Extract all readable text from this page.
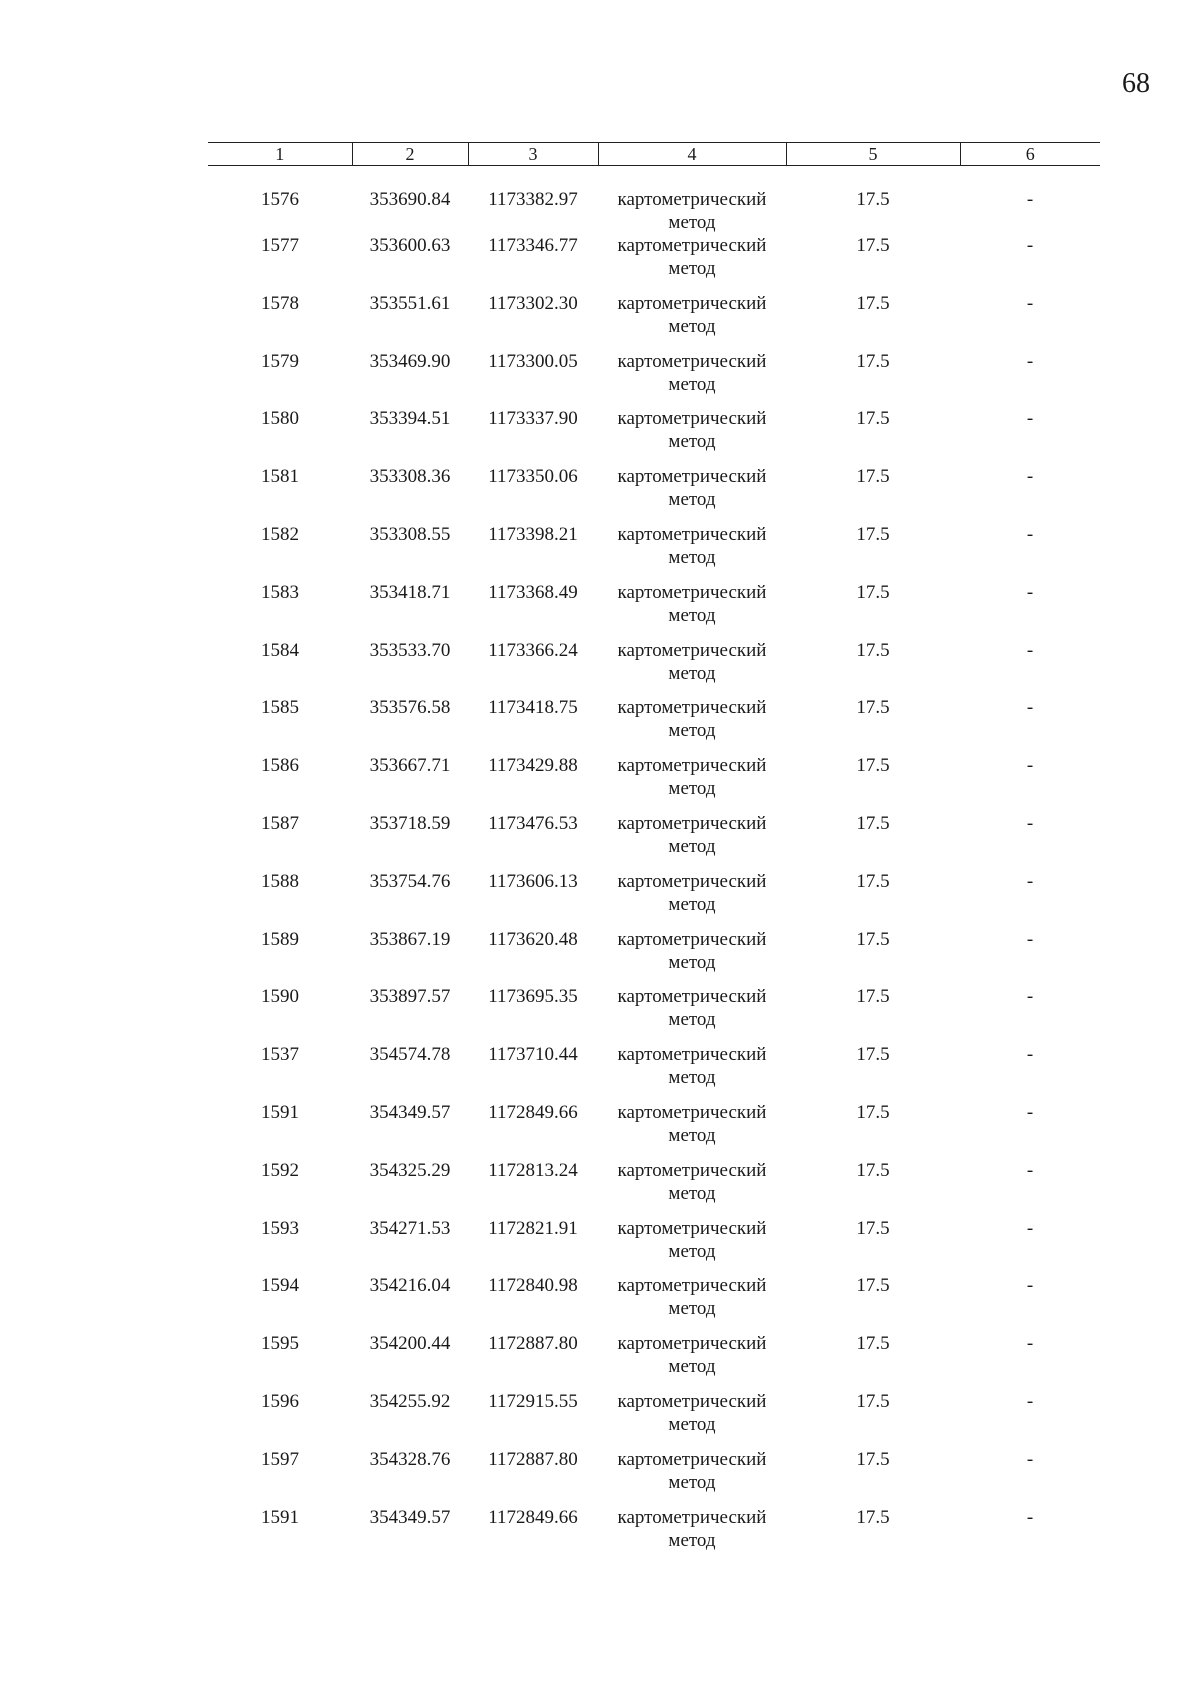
68
1	2	3	4	5	6
1576	353690.84	1173382.97	картометрический
метод	17.5	-
1577	353600.63	1173346.77	картометрический
метод	17.5	-
1578	353551.61	1173302.30	картометрический
метод	17.5	-
1579	353469.90	1173300.05	картометрический
метод	17.5	-
1580	353394.51	1173337.90	картометрический
метод	17.5	-
1581	353308.36	1173350.06	картометрический
метод	17.5	-
1582	353308.55	1173398.21	картометрический
метод	17.5	-
1583	353418.71	1173368.49	картометрический
метод	17.5	-
1584	353533.70	1173366.24	картометрический
метод	17.5	-
1585	353576.58	1173418.75	картометрический
метод	17.5	-
1586	353667.71	1173429.88	картометрический
метод	17.5	-
1587	353718.59	1173476.53	картометрический
метод	17.5	-
1588	353754.76	1173606.13	картометрический
метод	17.5	-
1589	353867.19	1173620.48	картометрический
метод	17.5	-
1590	353897.57	1173695.35	картометрический
метод	17.5	-
1537	354574.78	1173710.44	картометрический
метод	17.5	-
1591	354349.57	1172849.66	картометрический
метод	17.5	-
1592	354325.29	1172813.24	картометрический
метод	17.5	-
1593	354271.53	1172821.91	картометрический
метод	17.5	-
1594	354216.04	1172840.98	картометрический
метод	17.5	-
1595	354200.44	1172887.80	картометрический
метод	17.5	-
1596	354255.92	1172915.55	картометрический
метод	17.5	-
1597	354328.76	1172887.80	картометрический
метод	17.5	-
1591	354349.57	1172849.66	картометрический
метод	17.5	-
